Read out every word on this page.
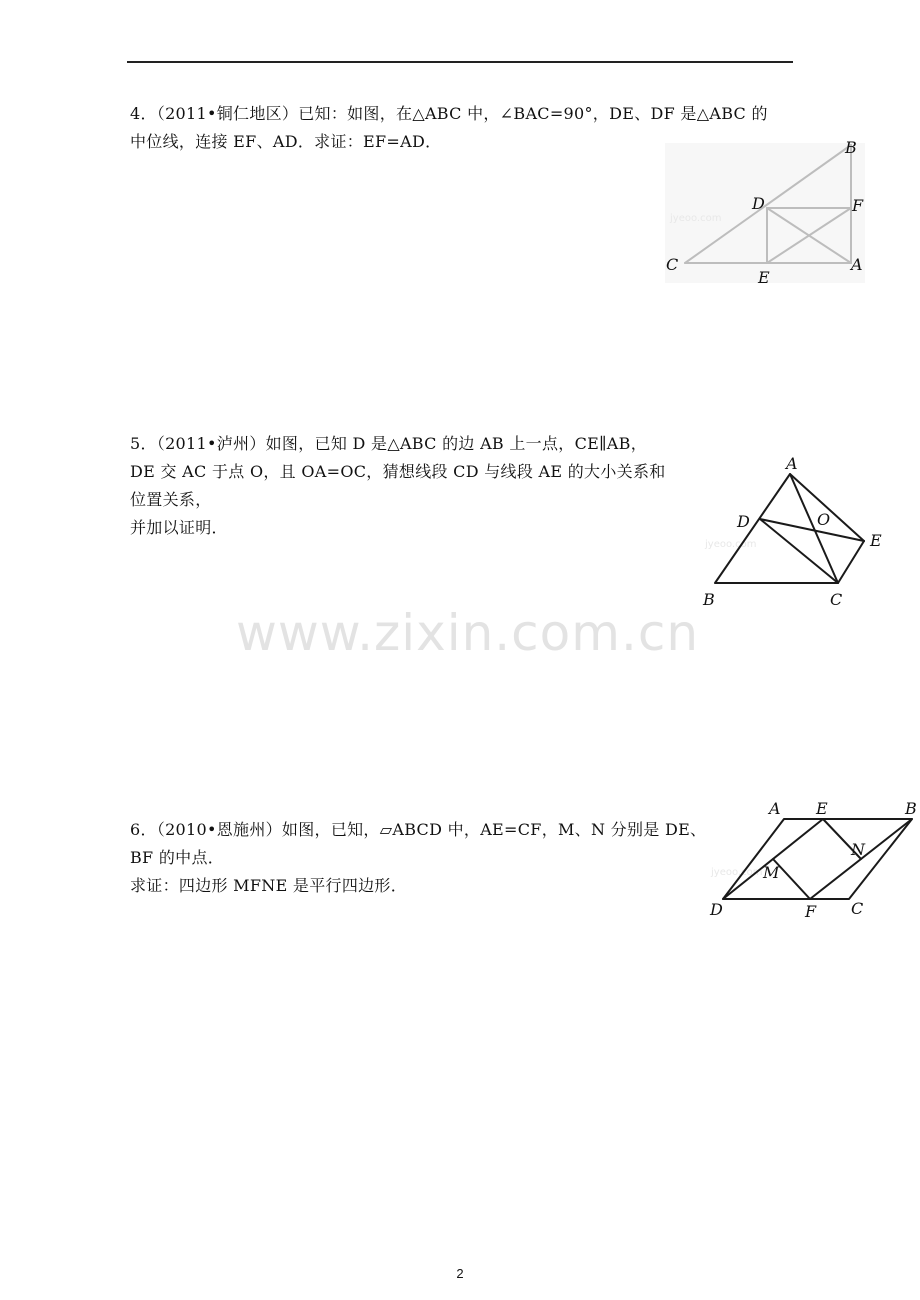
4．（2011•铜仁地区）已知：如图，在△ABC 中，∠BAC=90°，DE、DF 是△ABC 的
中位线，连接 EF、AD．求证：EF=AD．
jyeoo.com
B
D	F
C
E
A
5．（2011•泸州）如图，已知 D 是△ABC 的边 AB 上一点，CE∥AB，
DE 交 AC 于点 O，且 OA=OC，猜想线段 CD 与线段 AE 的大小关系和
位置关系，
并加以证明．
jyeoo.com
A
D	O
E
B	C
www.zixin.com.cn
6．（2010•恩施州）如图，已知，▱ABCD 中，AE=CF，M、N 分别是 DE、
BF 的中点．
求证：四边形 MFNE 是平行四边形．
jyeoo.com
A E	B
N
M
D	F C
2
